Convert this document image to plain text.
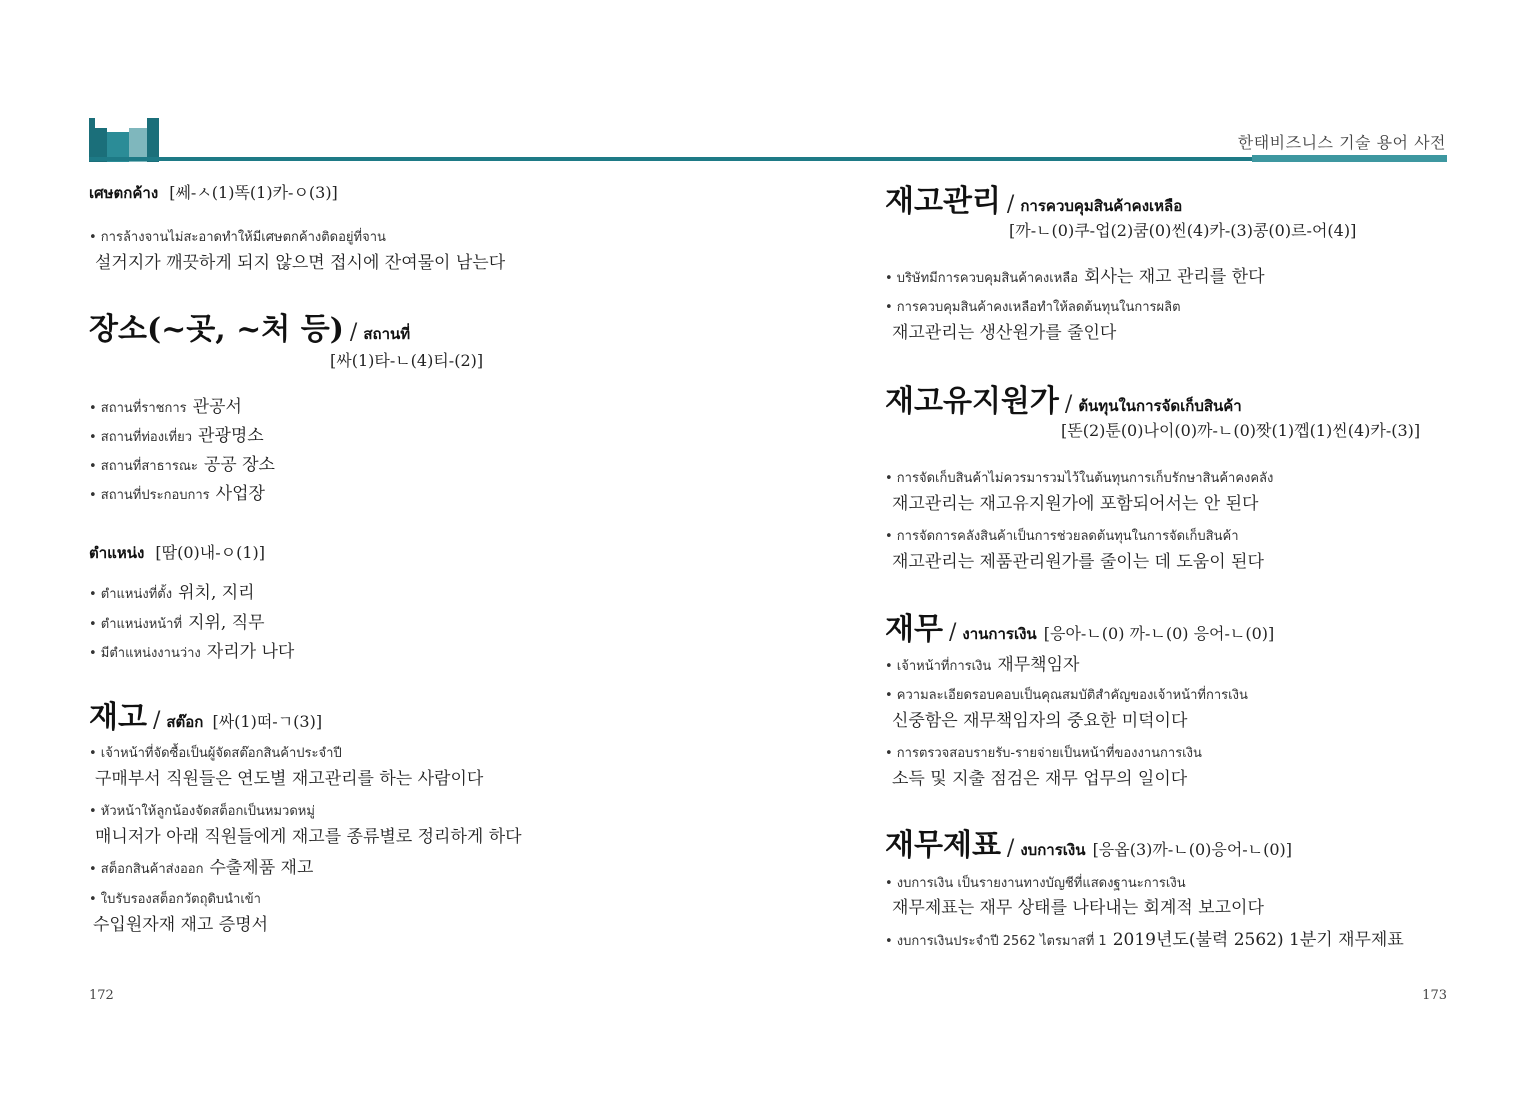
한태비즈니스 기술 용어 사전
เศษตกค้าง [쎄-ㅅ(1)똑(1)카-ㅇ(3)]
• การล้างจานไม่สะอาดทำให้มีเศษตกค้างติดอยู่ที่จาน
설거지가 깨끗하게 되지 않으면 접시에 잔여물이 남는다
장소(~곳, ~처 등) / สถานที่
[싸(1)타-ㄴ(4)티-(2)]
• สถานที่ราชการ 관공서
• สถานที่ท่องเที่ยว 관광명소
• สถานที่สาธารณะ 공공 장소
• สถานที่ประกอบการ 사업장
ตำแหน่ง [땀(0)내-ㅇ(1)]
• ตำแหน่งที่ตั้ง 위치, 지리
• ตำแหน่งหน้าที่ 지위, 직무
• มีตำแหน่งงานว่าง 자리가 나다
재고 / สต๊อก [싸(1)떠-ㄱ(3)]
• เจ้าหน้าที่จัดซื้อเป็นผู้จัดสต๊อกสินค้าประจำปี
구매부서 직원들은 연도별 재고관리를 하는 사람이다
• หัวหน้าให้ลูกน้องจัดสต็อกเป็นหมวดหมู่
매니저가 아래 직원들에게 재고를 종류별로 정리하게 하다
• สต็อกสินค้าส่งออก 수출제품 재고
• ใบรับรองสต็อกวัตถุดิบนำเข้า
수입원자재 재고 증명서
재고관리 / การควบคุมสินค้าคงเหลือ
[까-ㄴ(0)쿠-업(2)쿰(0)씬(4)카-(3)콩(0)르-어(4)]
• บริษัทมีการควบคุมสินค้าคงเหลือ 회사는 재고 관리를 한다
• การควบคุมสินค้าคงเหลือทำให้ลดต้นทุนในการผลิต
재고관리는 생산원가를 줄인다
재고유지원가 / ต้นทุนในการจัดเก็บสินค้า
[똔(2)툰(0)나이(0)까-ㄴ(0)짯(1)껩(1)씬(4)카-(3)]
• การจัดเก็บสินค้าไม่ควรมารวมไว้ในต้นทุนการเก็บรักษาสินค้าคงคลัง
재고관리는 재고유지원가에 포함되어서는 안 된다
• การจัดการคลังสินค้าเป็นการช่วยลดต้นทุนในการจัดเก็บสินค้า
재고관리는 제품관리원가를 줄이는 데 도움이 된다
재무 / งานการเงิน [응아-ㄴ(0) 까-ㄴ(0) 응어-ㄴ(0)]
• เจ้าหน้าที่การเงิน 재무책임자
• ความละเอียดรอบคอบเป็นคุณสมบัติสำคัญของเจ้าหน้าที่การเงิน
신중함은 재무책임자의 중요한 미덕이다
• การตรวจสอบรายรับ-รายจ่ายเป็นหน้าที่ของงานการเงิน
소득 및 지출 점검은 재무 업무의 일이다
재무제표 / งบการเงิน [응옵(3)까-ㄴ(0)응어-ㄴ(0)]
• งบการเงิน เป็นรายงานทางบัญชีที่แสดงฐานะการเงิน
재무제표는 재무 상태를 나타내는 회계적 보고이다
• งบการเงินประจำปี 2562 ไตรมาสที่ 1 2019년도(불력 2562) 1분기 재무제표
172	173
